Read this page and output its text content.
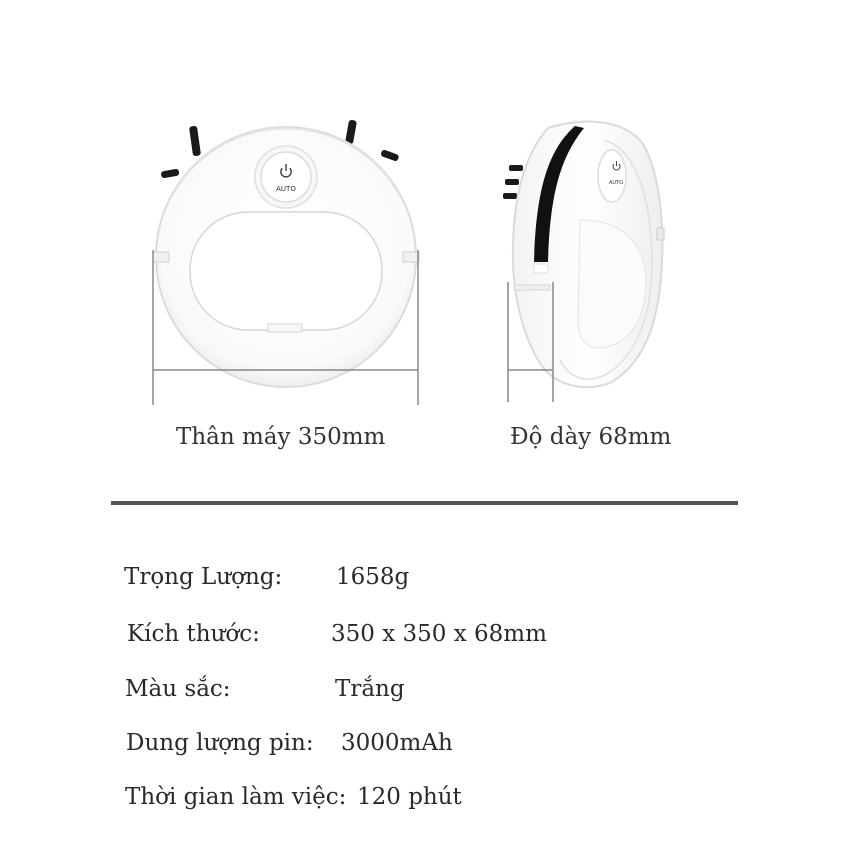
AUTO
AUTO
Thân máy 350mm	Độ dày 68mm
Trọng Lượng: 1658g
Kích thước:	350 x 350 x 68mm
Màu sắc:	Trắng
Dung lượng pin: 3000mAh
Thời gian làm việc: 120 phút
